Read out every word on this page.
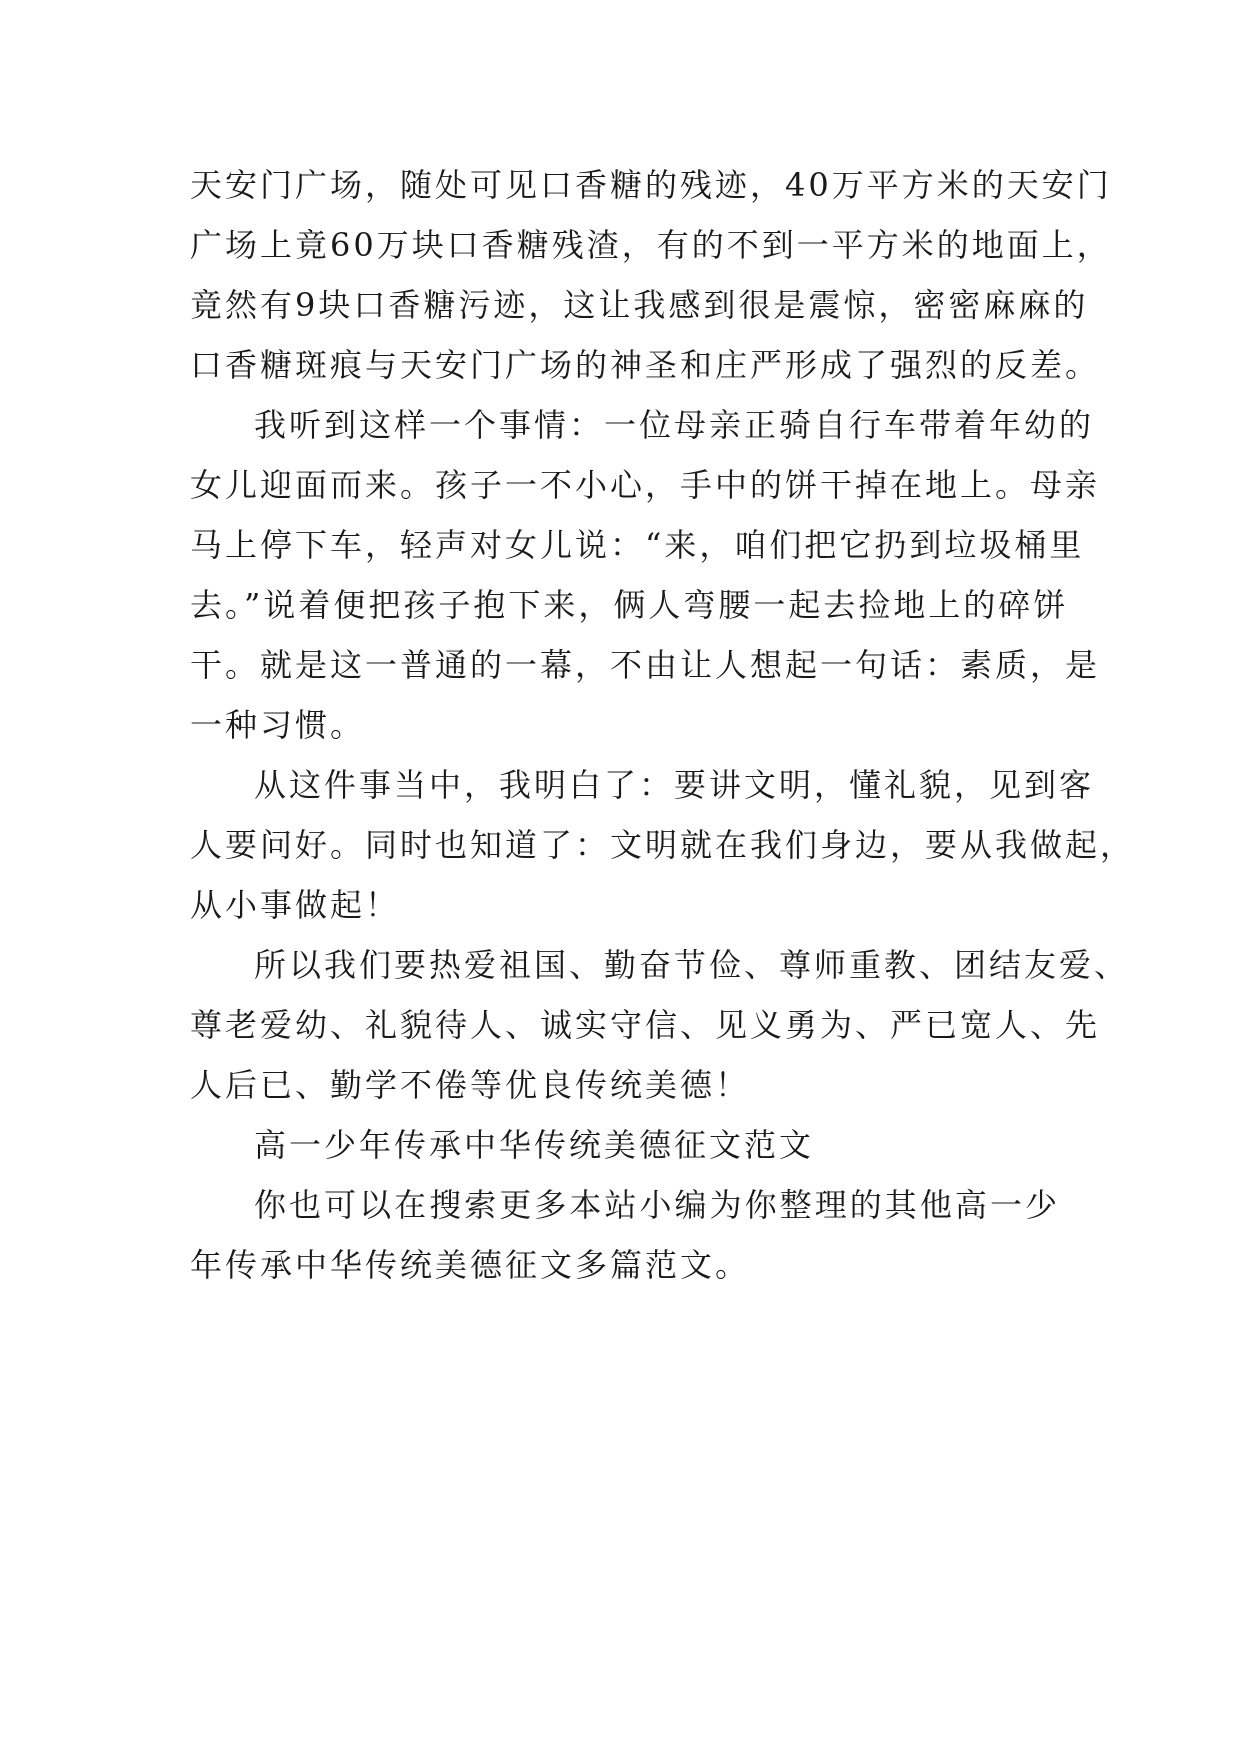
天安门广场，随处可见口香糖的残迹，40万平方米的天安门
广场上竟60万块口香糖残渣，有的不到一平方米的地面上，
竟然有9块口香糖污迹，这让我感到很是震惊，密密麻麻的
口香糖斑痕与天安门广场的神圣和庄严形成了强烈的反差。
我听到这样一个事情：一位母亲正骑自行车带着年幼的
女儿迎面而来。孩子一不小心，手中的饼干掉在地上。母亲
马上停下车，轻声对女儿说：“来，咱们把它扔到垃圾桶里
去。”说着便把孩子抱下来，俩人弯腰一起去捡地上的碎饼
干。就是这一普通的一幕，不由让人想起一句话：素质，是
一种习惯。
从这件事当中，我明白了：要讲文明，懂礼貌，见到客
人要问好。同时也知道了：文明就在我们身边，要从我做起，
从小事做起！
所以我们要热爱祖国、勤奋节俭、尊师重教、团结友爱、
尊老爱幼、礼貌待人、诚实守信、见义勇为、严已宽人、先
人后已、勤学不倦等优良传统美德！
高一少年传承中华传统美德征文范文
你也可以在搜索更多本站小编为你整理的其他高一少
年传承中华传统美德征文多篇范文。
